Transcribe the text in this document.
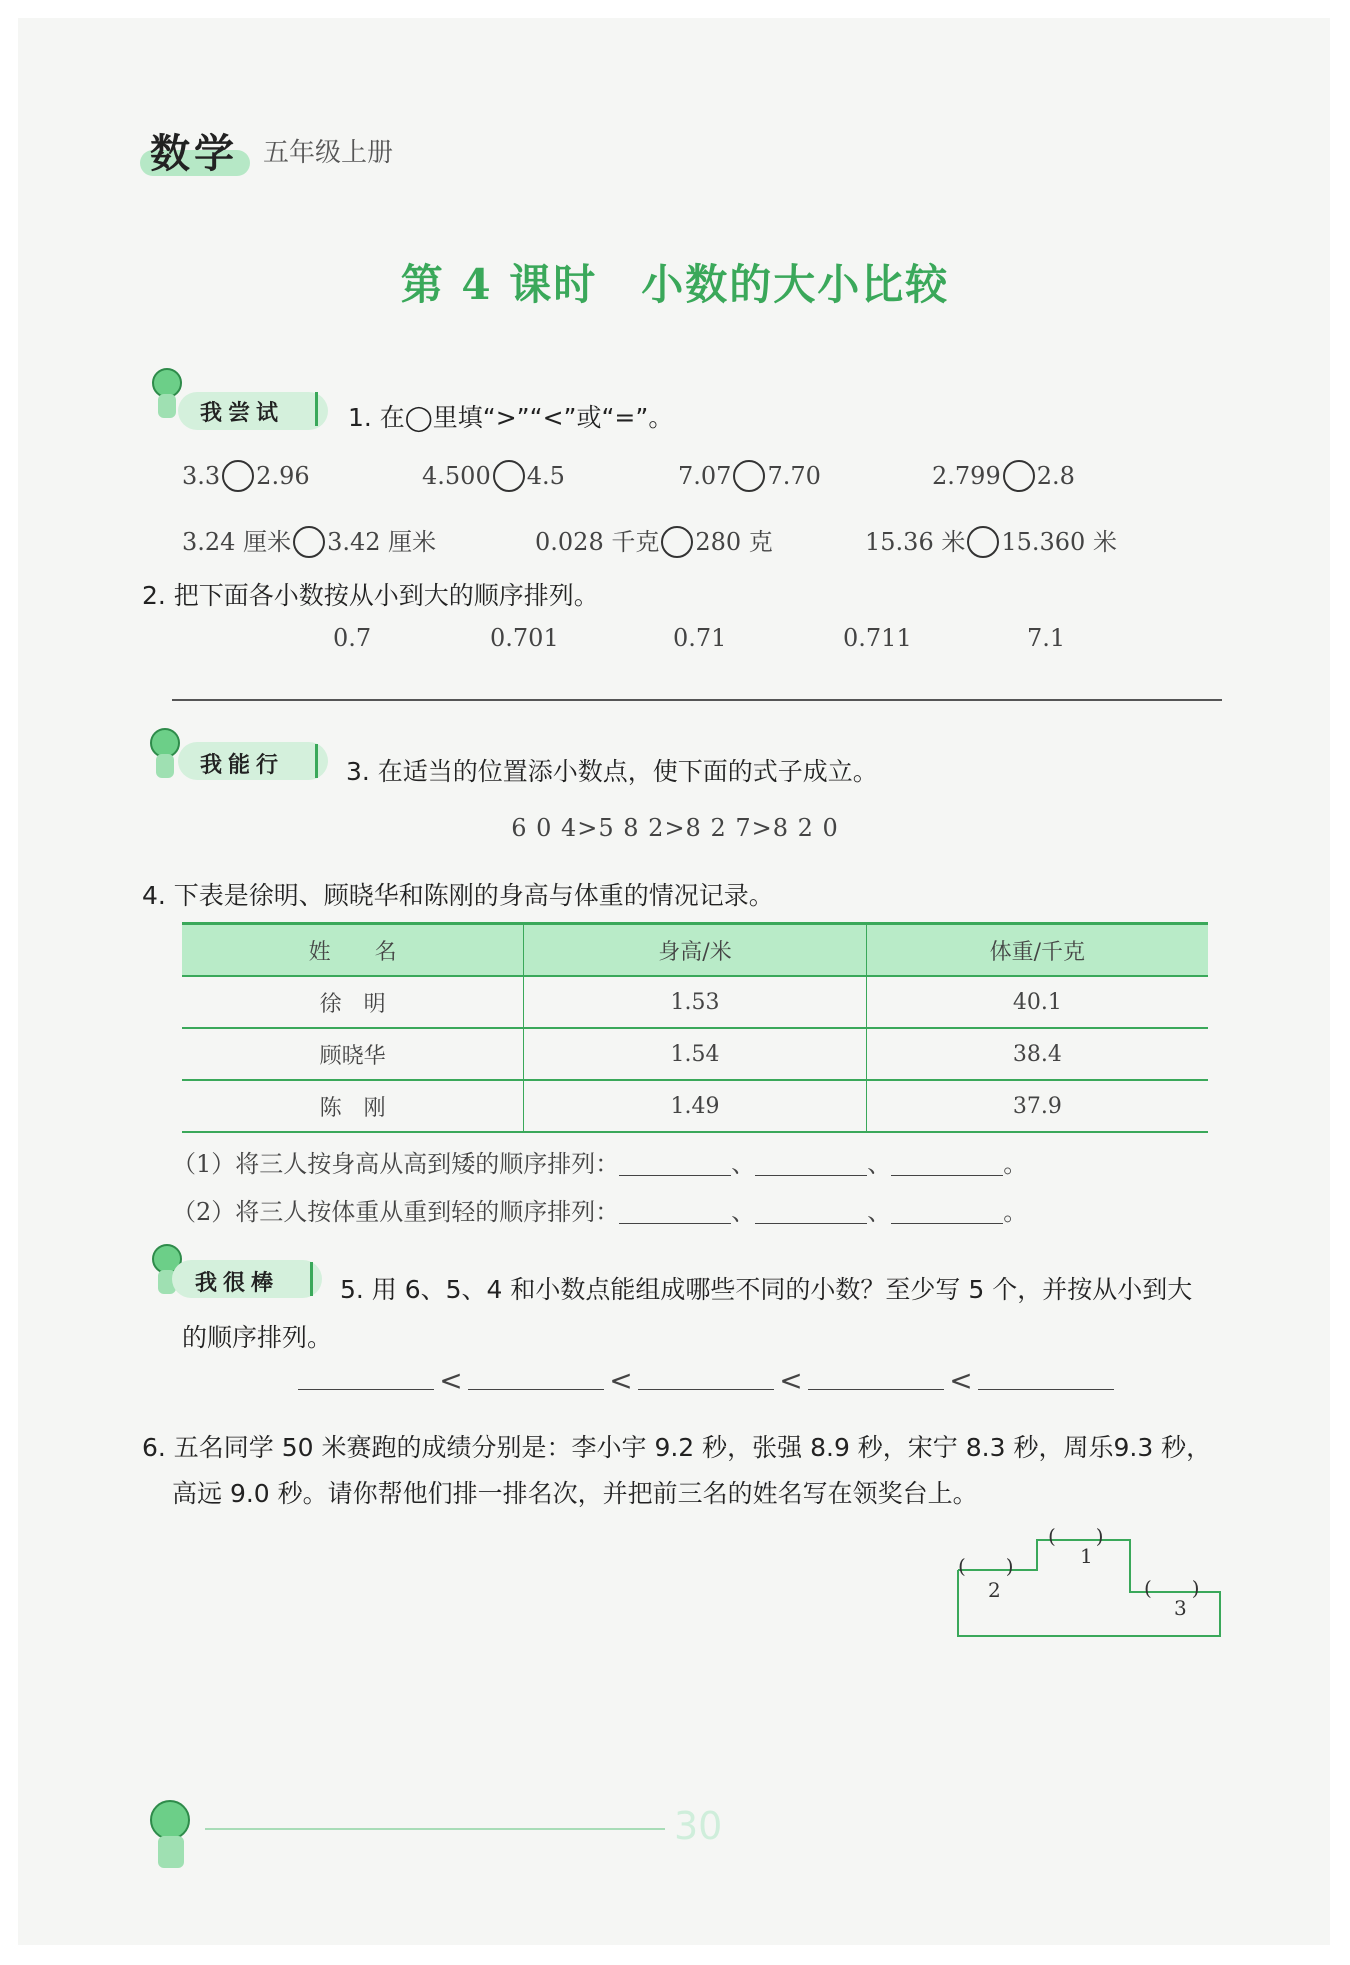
数学 五年级上册
第 4 课时　小数的大小比较
我尝试	1. 在◯里填“>”“<”或“=”。
3.3 2.96	4.500 4.5	7.07 7.70	2.799 2.8
3.24 厘米 3.42 厘米	0.028 千克 280 克	15.36 米 15.360 米
2. 把下面各小数按从小到大的顺序排列。
0.7	0.701	0.71	0.711	7.1
我能行 3. 在适当的位置添小数点，使下面的式子成立。
6 0 4>5 8 2>8 2 7>8 2 0
4. 下表是徐明、顾晓华和陈刚的身高与体重的情况记录。
姓　　名	身高/米	体重/千克
徐　明	1.53	40.1
顾晓华	1.54	38.4
陈　刚	1.49	37.9
（1）将三人按身高从高到矮的顺序排列：	、	、	。
（2）将三人按体重从重到轻的顺序排列：	、	、	。
我很棒 5. 用 6、5、4 和小数点能组成哪些不同的小数？至少写 5 个，并按从小到大
的顺序排列。
<	<	<	<
6. 五名同学 50 米赛跑的成绩分别是：李小宇 9.2 秒，张强 8.9 秒，宋宁 8.3 秒，周乐9.3 秒，
高远 9.0 秒。请你帮他们排一排名次，并把前三名的姓名写在领奖台上。
(　　)
(　　)
(　　)
1
2
3
30
